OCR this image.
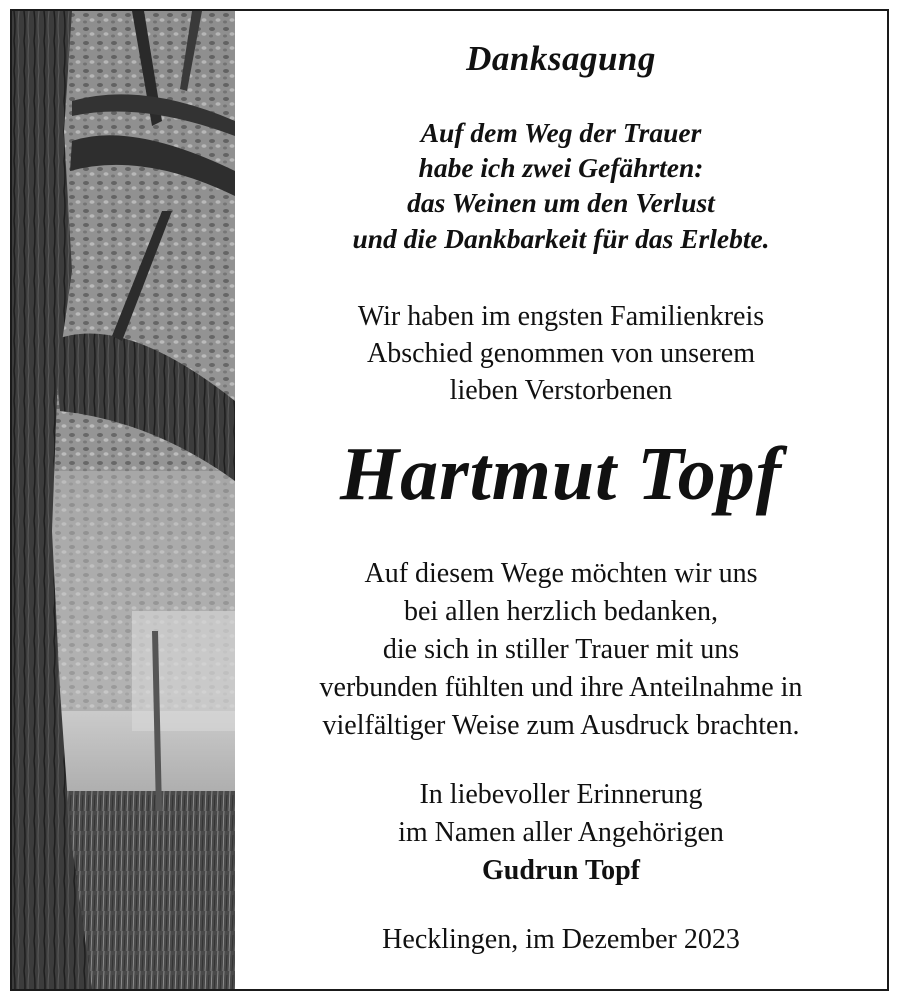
Danksagung
Auf dem Weg der Trauer
habe ich zwei Gefährten:
das Weinen um den Verlust
und die Dankbarkeit für das Erlebte.
Wir haben im engsten Familienkreis
Abschied genommen von unserem
lieben Verstorbenen
Hartmut Topf
Auf diesem Wege möchten wir uns
bei allen herzlich bedanken,
die sich in stiller Trauer mit uns
verbunden fühlten und ihre Anteilnahme in
vielfältiger Weise zum Ausdruck brachten.
In liebevoller Erinnerung
im Namen aller Angehörigen
Gudrun Topf
Hecklingen, im Dezember 2023
